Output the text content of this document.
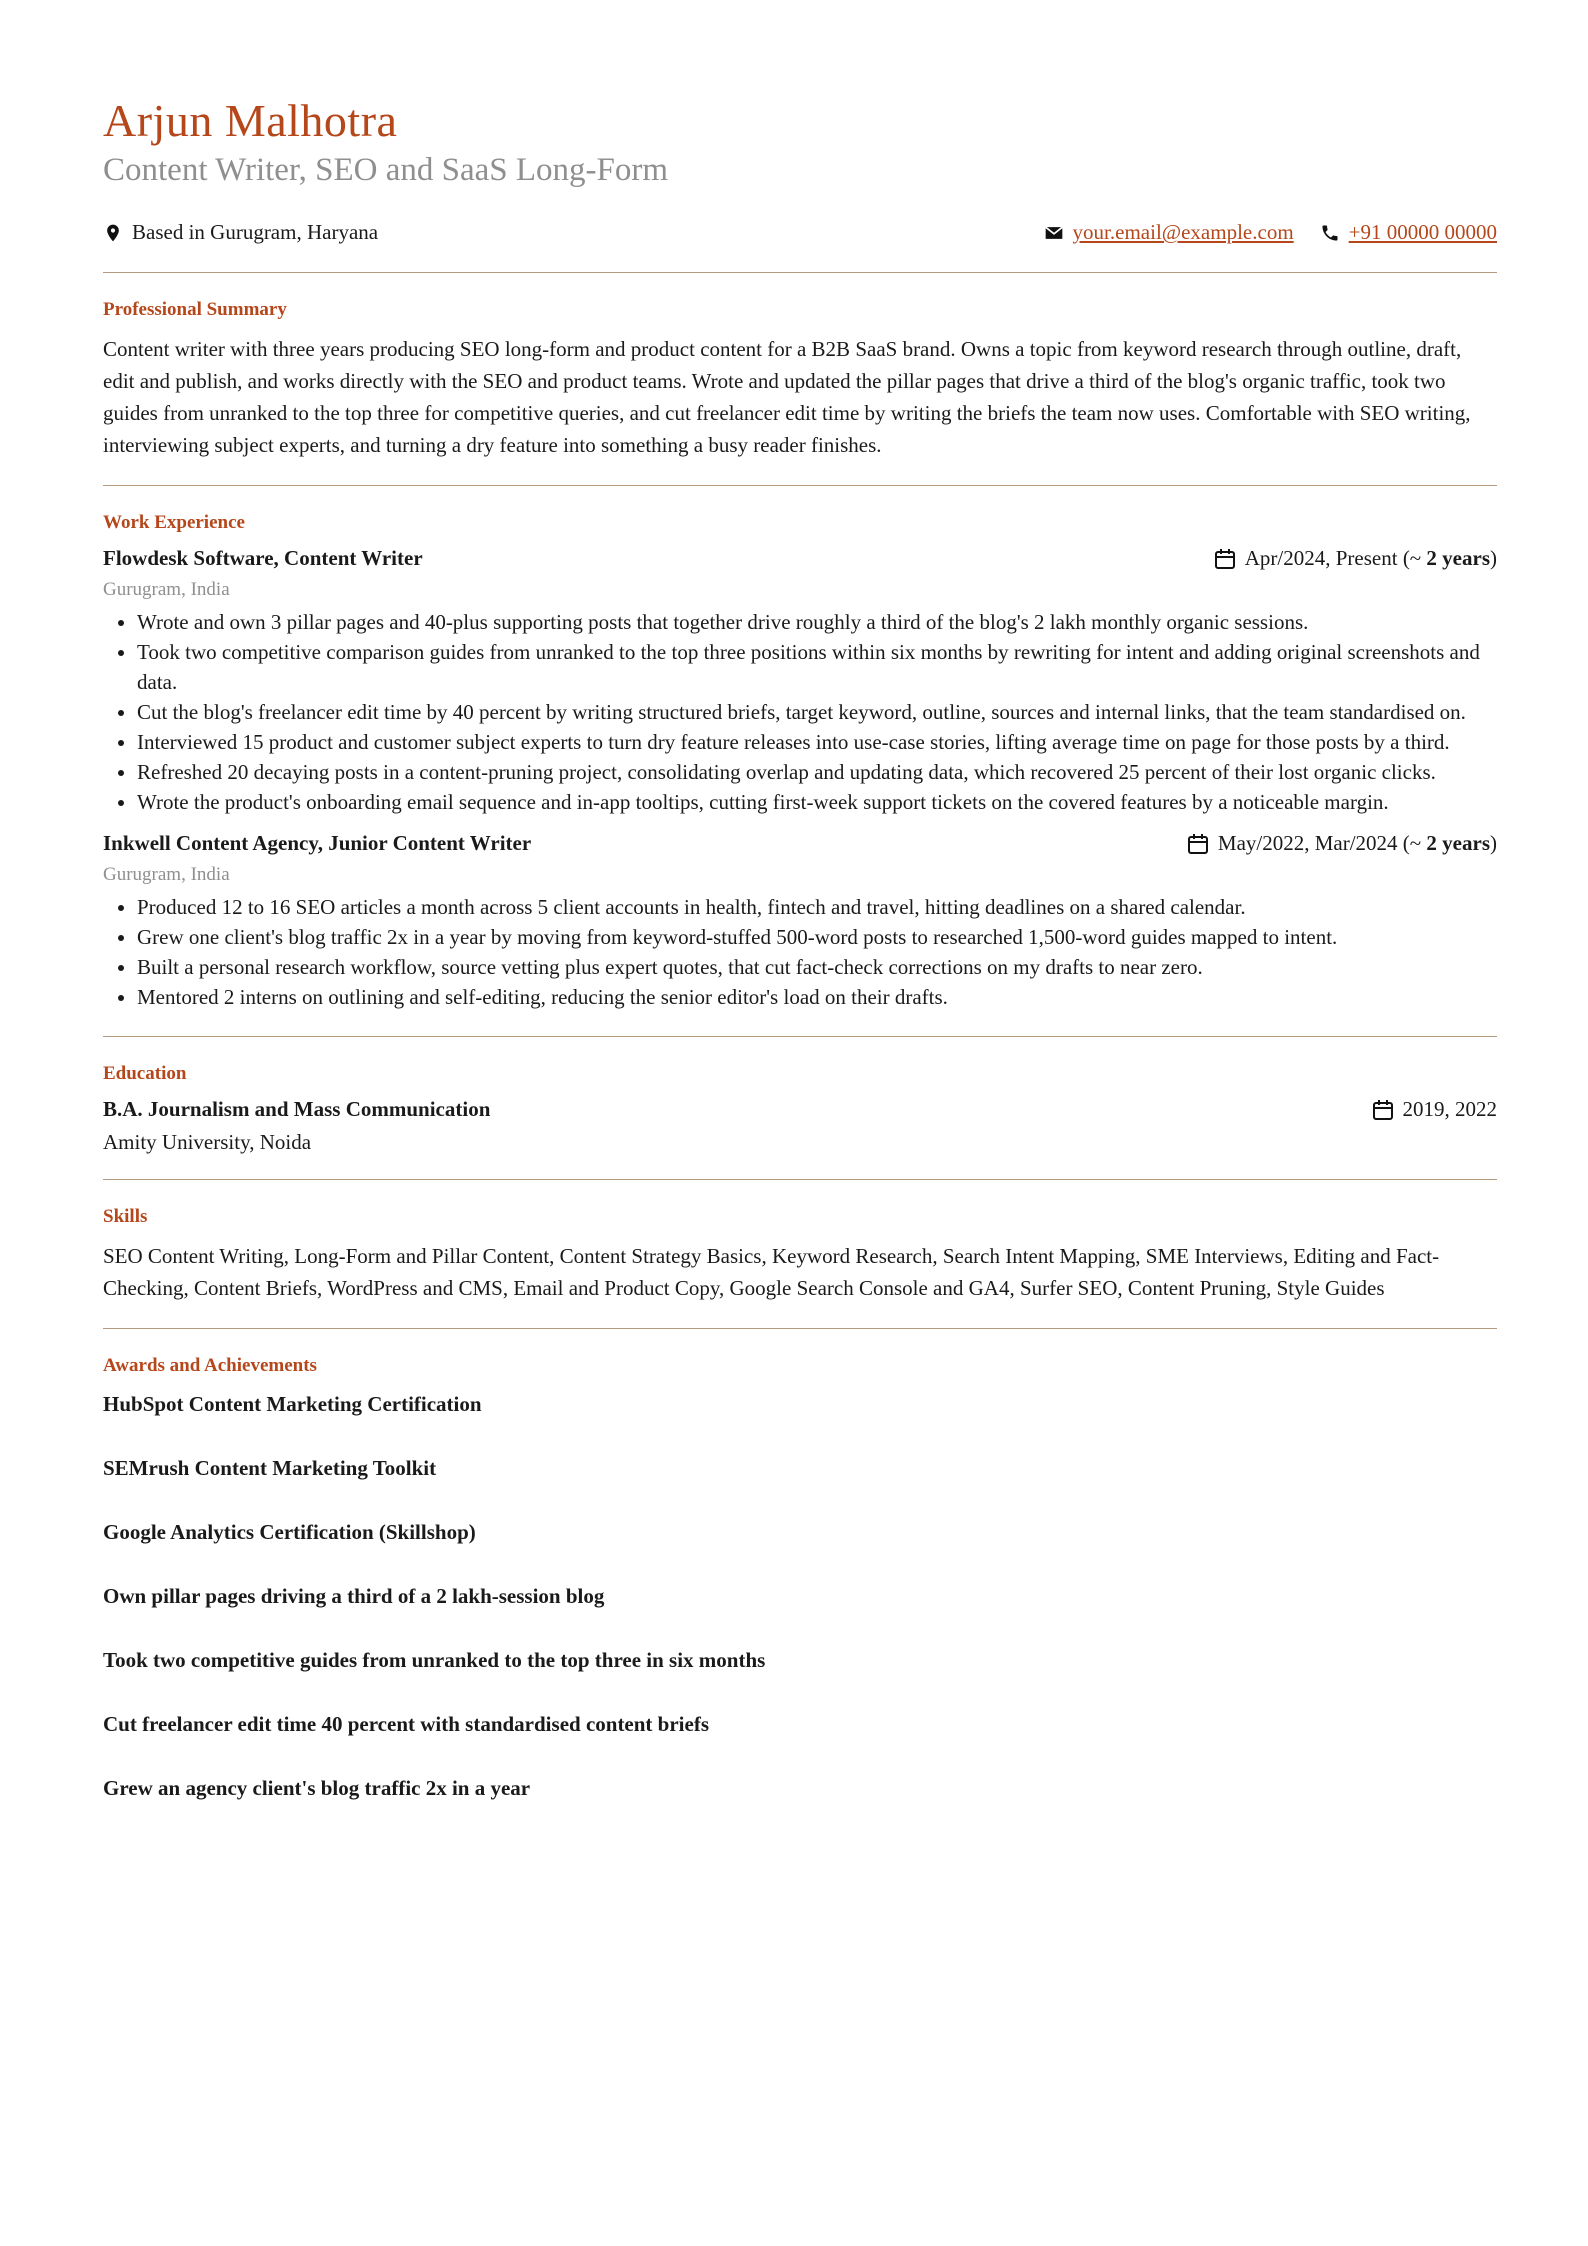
Arjun Malhotra
Content Writer, SEO and SaaS Long-Form
Based in Gurugram, Haryana	your.email@example.com	+91 00000 00000
Professional Summary
Content writer with three years producing SEO long-form and product content for a B2B SaaS brand. Owns a topic from keyword research through outline, draft, edit and publish, and works directly with the SEO and product teams. Wrote and updated the pillar pages that drive a third of the blog's organic traffic, took two guides from unranked to the top three for competitive queries, and cut freelancer edit time by writing the briefs the team now uses. Comfortable with SEO writing, interviewing subject experts, and turning a dry feature into something a busy reader finishes.
Work Experience
Flowdesk Software, Content Writer	Apr/2024, Present (~
2 years )
Gurugram, India
• Wrote and own 3 pillar pages and 40-plus supporting posts that together drive roughly a third of the blog's 2 lakh monthly organic sessions.
• Took two competitive comparison guides from unranked to the top three positions within six months by rewriting for intent and adding original screenshots and data.
• Cut the blog's freelancer edit time by 40 percent by writing structured briefs, target keyword, outline, sources and internal links, that the team standardised on.
• Interviewed 15 product and customer subject experts to turn dry feature releases into use-case stories, lifting average time on page for those posts by a third.
• Refreshed 20 decaying posts in a content-pruning project, consolidating overlap and updating data, which recovered 25 percent of their lost organic clicks.
• Wrote the product's onboarding email sequence and in-app tooltips, cutting first-week support tickets on the covered features by a noticeable margin.
Inkwell Content Agency, Junior Content Writer	May/2022, Mar/2024 (~
2 years )
Gurugram, India
• Produced 12 to 16 SEO articles a month across 5 client accounts in health, fintech and travel, hitting deadlines on a shared calendar.
• Grew one client's blog traffic 2x in a year by moving from keyword-stuffed 500-word posts to researched 1,500-word guides mapped to intent.
• Built a personal research workflow, source vetting plus expert quotes, that cut fact-check corrections on my drafts to near zero.
• Mentored 2 interns on outlining and self-editing, reducing the senior editor's load on their drafts.
Education
B.A. Journalism and Mass Communication	2019, 2022
Amity University, Noida
Skills
SEO Content Writing, Long-Form and Pillar Content, Content Strategy Basics, Keyword Research, Search Intent Mapping, SME Interviews, Editing and Fact-Checking, Content Briefs, WordPress and CMS, Email and Product Copy, Google Search Console and GA4, Surfer SEO, Content Pruning, Style Guides
Awards and Achievements
HubSpot Content Marketing Certification
SEMrush Content Marketing Toolkit
Google Analytics Certification (Skillshop)
Own pillar pages driving a third of a 2 lakh-session blog
Took two competitive guides from unranked to the top three in six months
Cut freelancer edit time 40 percent with standardised content briefs
Grew an agency client's blog traffic 2x in a year
